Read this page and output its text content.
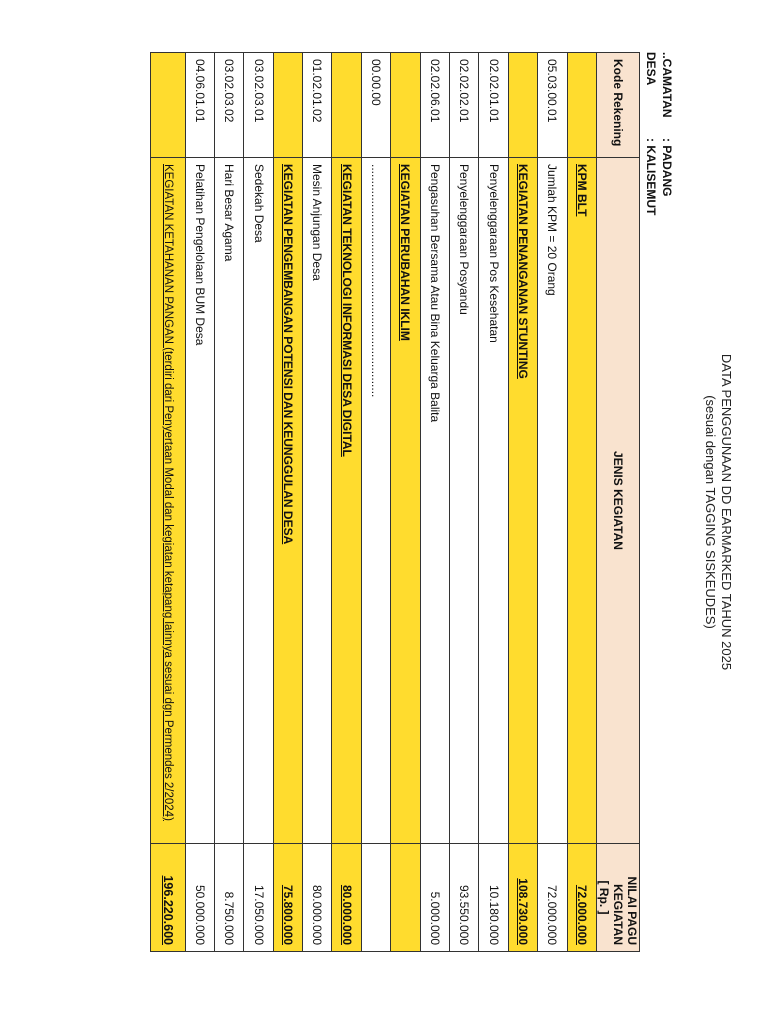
DATA PENGGUNAAN DD EARMARKED TAHUN 2025
(sesuai dengan TAGGING SISKEUDES)
..CAMATAN: PADANG
DESA: KALISEMUT
Kode Rekening	JENIS KEGIATAN	NILAI PAGU KEGIATAN
[ Rp. ]

	KPM BLT	72.000.000
05.03.00.01	Jumlah KPM = 20 Orang	72.000.000
	KEGIATAN PENANGANAN STUNTING	108.730.000
02.02.01.01	Penyelenggaraan Pos Kesehatan	10.180.000
02.02.02.01	Penyelenggaraan Posyandu	93.550.000
02.02.06.01	Pengasuhan Bersama Atau Bina Keluarga Balita	5.000.000
	KEGIATAN PERUBAHAN IKLIM	
00.00.00	......................................................................	
	KEGIATAN TEKNOLOGI INFORMASI DESA DIGITAL	80.000.000
01.02.01.02	Mesin Anjungan Desa	80.000.000
	KEGIATAN PENGEMBANGAN POTENSI DAN KEUNGGULAN DESA	75.800.000
03.02.03.01	Sedekah Desa	17.050.000
03.02.03.02	Hari Besar Agama	8.750.000
04.06.01.01	Pelatihan Pengelolaan BUM Desa	50.000.000
	KEGIATAN KETAHANAN PANGAN (terdiri dari Penyertaan Modal dan kegiatan ketapang lainnya sesuai dgn Permendes 2/2024)	196.220.600
